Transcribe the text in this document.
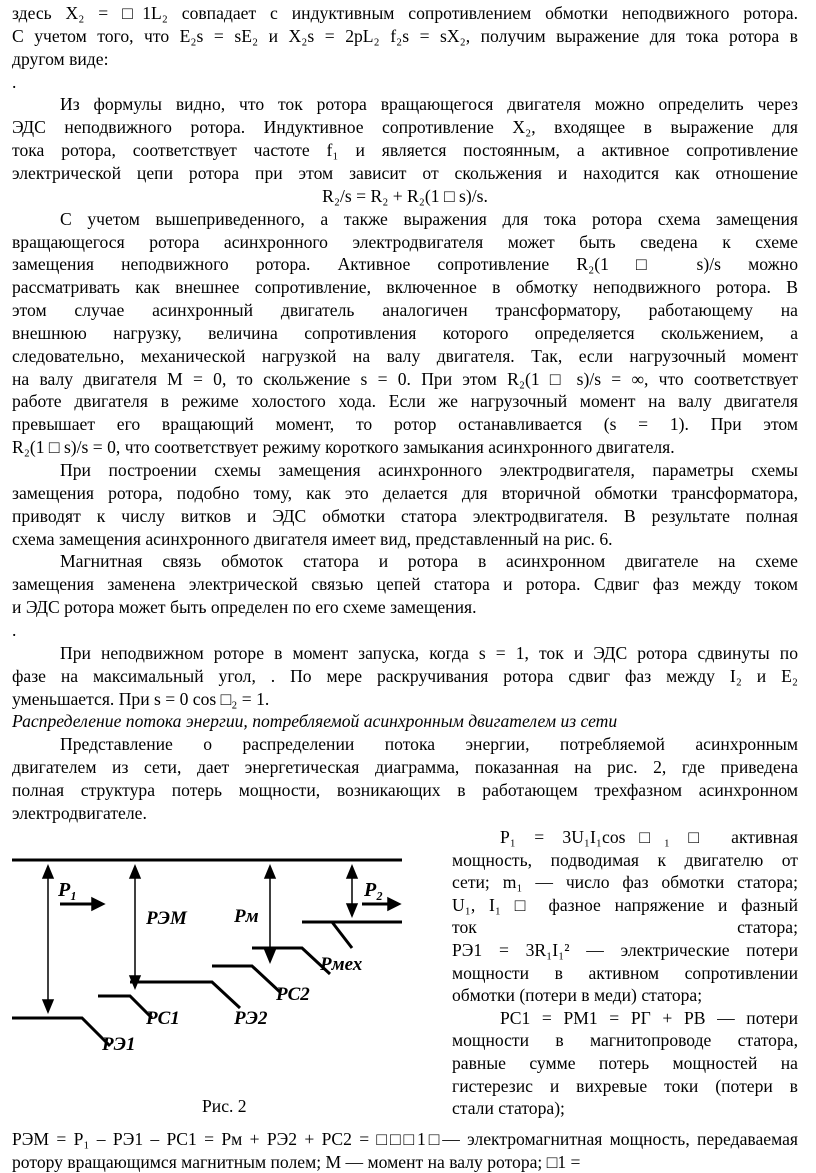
здесь X₂ = □1L₂ совпадает с индуктивным сопротивлением обмотки неподвижного ротора.
С учетом того, что E₂s = sE₂ и X₂s = 2pL₂ f₂s = sX₂, получим выражение для тока ротора в
другом виде:
.
Из формулы видно, что ток ротора вращающегося двигателя можно определить через
ЭДС неподвижного ротора. Индуктивное сопротивление X₂, входящее в выражение для
тока ротора, соответствует частоте f₁ и является постоянным, а активное сопротивление
электрической цепи ротора при этом зависит от скольжения и находится как отношение
R₂/s = R₂ + R₂(1 □ s)/s.
С учетом вышеприведенного, а также выражения для тока ротора схема замещения
вращающегося ротора асинхронного электродвигателя может быть сведена к схеме
замещения неподвижного ротора. Активное сопротивление R₂(1 □ s)/s можно
рассматривать как внешнее сопротивление, включенное в обмотку неподвижного ротора. В
этом случае асинхронный двигатель аналогичен трансформатору, работающему на
внешнюю нагрузку, величина сопротивления которого определяется скольжением, а
следовательно, механической нагрузкой на валу двигателя. Так, если нагрузочный момент
на валу двигателя M = 0, то скольжение s = 0. При этом R₂(1 □ s)/s = ∞, что соответствует
работе двигателя в режиме холостого хода. Если же нагрузочный момент на валу двигателя
превышает его вращающий момент, то ротор останавливается (s = 1). При этом
R₂(1 □ s)/s = 0, что соответствует режиму короткого замыкания асинхронного двигателя.
При построении схемы замещения асинхронного электродвигателя, параметры схемы
замещения ротора, подобно тому, как это делается для вторичной обмотки трансформатора,
приводят к числу витков и ЭДС обмотки статора электродвигателя. В результате полная
схема замещения асинхронного двигателя имеет вид, представленный на рис. 6.
Магнитная связь обмоток статора и ротора в асинхронном двигателе на схеме
замещения заменена электрической связью цепей статора и ротора. Сдвиг фаз между током
и ЭДС ротора может быть определен по его схеме замещения.
.
При неподвижном роторе в момент запуска, когда s = 1, ток и ЭДС ротора сдвинуты по
фазе на максимальный угол, . По мере раскручивания ротора сдвиг фаз между I₂ и E₂
уменьшается. При s = 0 cos □₂ = 1.
Распределение потока энергии, потребляемой асинхронным двигателем из сети
Представление о распределении потока энергии, потребляемой асинхронным
двигателем из сети, дает энергетическая диаграмма, показанная на рис. 2, где приведена
полная структура потерь мощности, возникающих в работающем трехфазном асинхронном
электродвигателе.
P₁ = 3U₁I₁cos□₁ □ активная
мощность, подводимая к двигателю от
сети; m₁ — число фаз обмотки статора;
U₁, I₁ □ фазное напряжение и фазный
ток статора;
PЭ1 = 3R₁I₁² — электрические потери
мощности в активном сопротивлении
обмотки (потери в меди) статора;
PC1 = PM1 = PГ + PВ — потери
мощности в магнитопроводе статора,
равные сумме потерь мощностей на
гистерезис и вихревые токи (потери в
стали статора);
P₁	P₂
PЭМ Pм
Pмех
PC2
PC1	PЭ2
PЭ1
Рис. 2
PЭМ = P₁ – PЭ1 – PC1 = Pм + PЭ2 + PC2 = □□□1□— электромагнитная мощность, передаваемая
ротору вращающимся магнитным полем; M — момент на валу ротора; □1 =
